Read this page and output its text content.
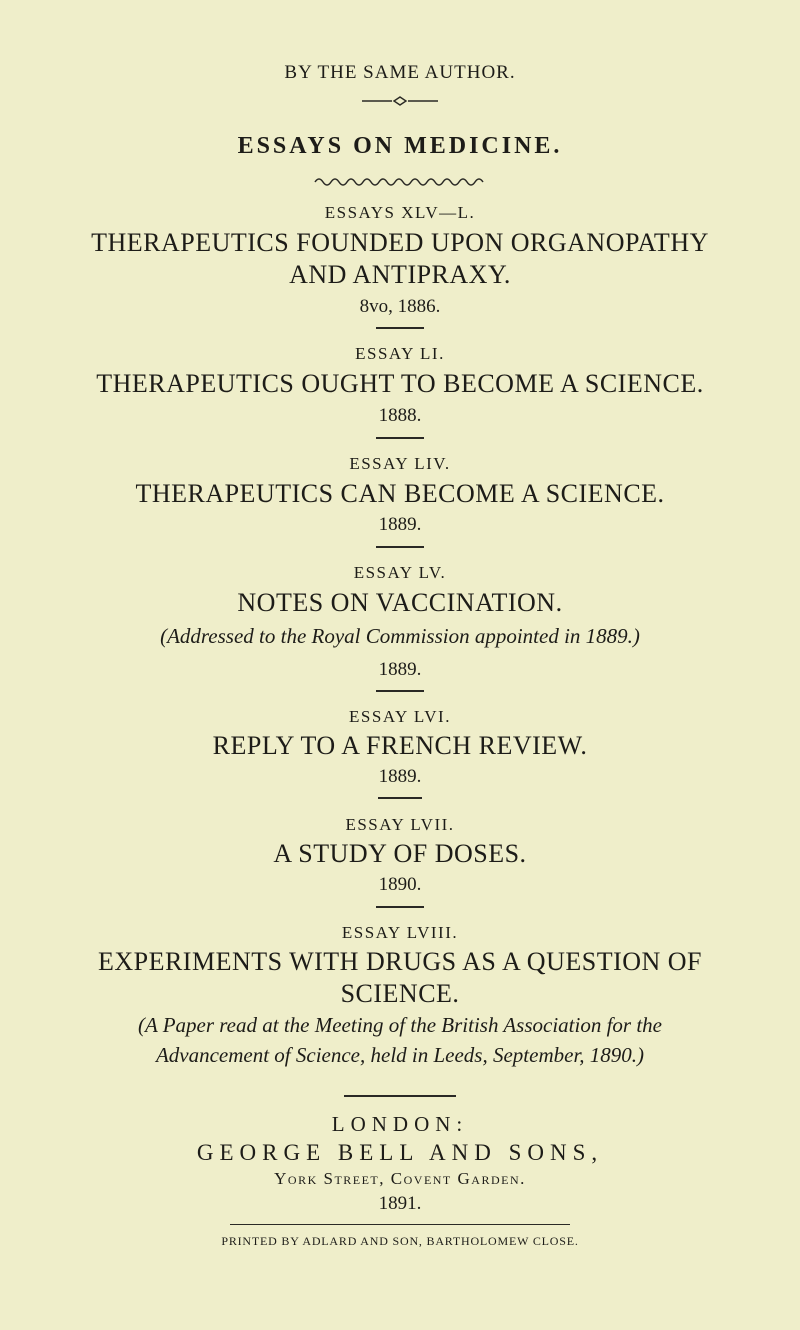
BY THE SAME AUTHOR.
ESSAYS ON MEDICINE.
ESSAYS XLV—L.
THERAPEUTICS FOUNDED UPON ORGANOPATHY
AND ANTIPRAXY.
8vo, 1886.
ESSAY LI.
THERAPEUTICS OUGHT TO BECOME A SCIENCE.
1888.
ESSAY LIV.
THERAPEUTICS CAN BECOME A SCIENCE.
1889.
ESSAY LV.
NOTES ON VACCINATION.
(Addressed to the Royal Commission appointed in 1889.)
1889.
ESSAY LVI.
REPLY TO A FRENCH REVIEW.
1889.
ESSAY LVII.
A STUDY OF DOSES.
1890.
ESSAY LVIII.
EXPERIMENTS WITH DRUGS AS A QUESTION OF
SCIENCE.
(A Paper read at the Meeting of the British Association for the
Advancement of Science, held in Leeds, September, 1890.)
LONDON:
GEORGE BELL AND SONS,
York Street, Covent Garden.
1891.
PRINTED BY ADLARD AND SON, BARTHOLOMEW CLOSE.
